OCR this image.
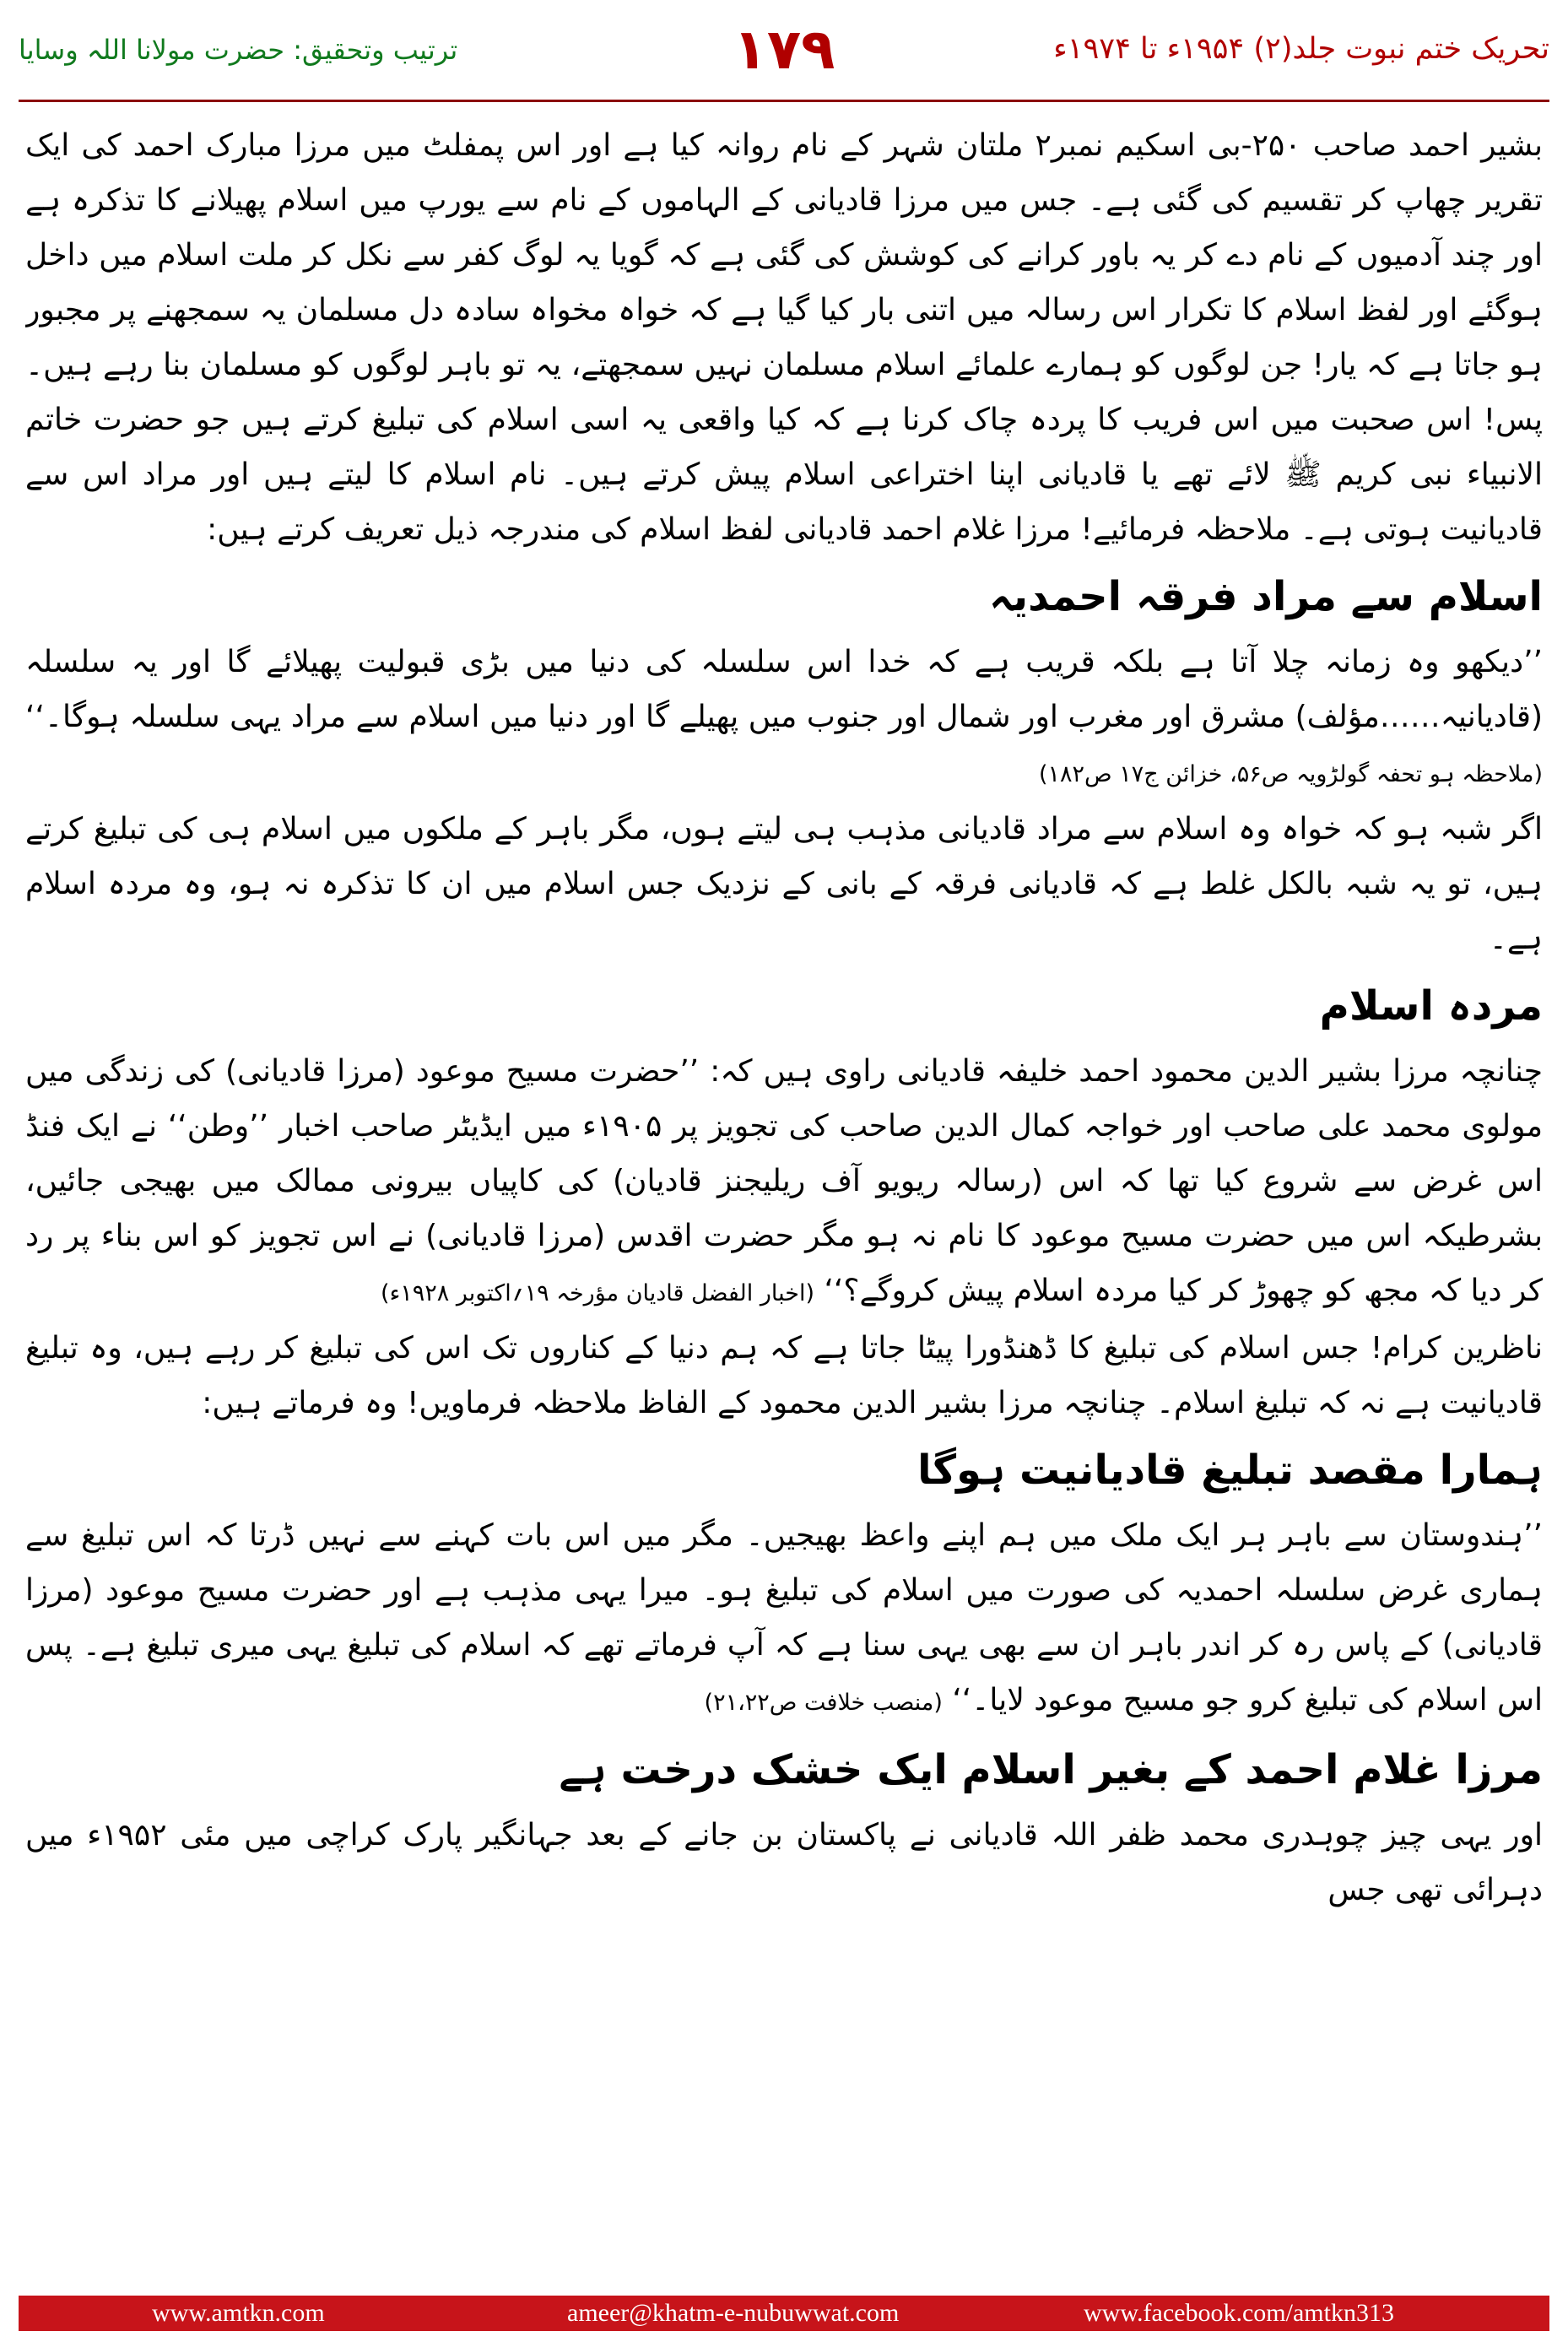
تحریک ختم نبوت جلد(۲) ۱۹۵۴ء تا ۱۹۷۴ء
۱۷۹
ترتیب وتحقیق: حضرت مولانا اللہ وسایا

بشیر احمد صاحب ۲۵۰-بی اسکیم نمبر۲ ملتان شہر کے نام روانہ کیا ہے اور اس پمفلٹ میں مرزا مبارک احمد کی ایک تقریر چھاپ کر تقسیم کی گئی ہے۔ جس میں مرزا قادیانی کے الہاموں کے نام سے یورپ میں اسلام پھیلانے کا تذکرہ ہے اور چند آدمیوں کے نام دے کر یہ باور کرانے کی کوشش کی گئی ہے کہ گویا یہ لوگ کفر سے نکل کر ملت اسلام میں داخل ہوگئے اور لفظ اسلام کا تکرار اس رسالہ میں اتنی بار کیا گیا ہے کہ خواہ مخواہ سادہ دل مسلمان یہ سمجھنے پر مجبور ہو جاتا ہے کہ یار! جن لوگوں کو ہمارے علمائے اسلام مسلمان نہیں سمجھتے، یہ تو باہر لوگوں کو مسلمان بنا رہے ہیں۔ پس! اس صحبت میں اس فریب کا پردہ چاک کرنا ہے کہ کیا واقعی یہ اسی اسلام کی تبلیغ کرتے ہیں جو حضرت خاتم الانبیاء نبی کریم ﷺ لائے تھے یا قادیانی اپنا اختراعی اسلام پیش کرتے ہیں۔ نام اسلام کا لیتے ہیں اور مراد اس سے قادیانیت ہوتی ہے۔ ملاحظہ فرمائیے! مرزا غلام احمد قادیانی لفظ اسلام کی مندرجہ ذیل تعریف کرتے ہیں:

اسلام سے مراد فرقہ احمدیہ

’’دیکھو وہ زمانہ چلا آتا ہے بلکہ قریب ہے کہ خدا اس سلسلہ کی دنیا میں بڑی قبولیت پھیلائے گا اور یہ سلسلہ (قادیانیہ……مؤلف) مشرق اور مغرب اور شمال اور جنوب میں پھیلے گا اور دنیا میں اسلام سے مراد یہی سلسلہ ہوگا۔‘‘ (ملاحظہ ہو تحفہ گولڑویہ ص۵۶، خزائن ج۱۷ ص۱۸۲)

اگر شبہ ہو کہ خواہ وہ اسلام سے مراد قادیانی مذہب ہی لیتے ہوں، مگر باہر کے ملکوں میں اسلام ہی کی تبلیغ کرتے ہیں، تو یہ شبہ بالکل غلط ہے کہ قادیانی فرقہ کے بانی کے نزدیک جس اسلام میں ان کا تذکرہ نہ ہو، وہ مردہ اسلام ہے۔

مردہ اسلام

چنانچہ مرزا بشیر الدین محمود احمد خلیفہ قادیانی راوی ہیں کہ: ’’حضرت مسیح موعود (مرزا قادیانی) کی زندگی میں مولوی محمد علی صاحب اور خواجہ کمال الدین صاحب کی تجویز پر ۱۹۰۵ء میں ایڈیٹر صاحب اخبار ’’وطن‘‘ نے ایک فنڈ اس غرض سے شروع کیا تھا کہ اس (رسالہ ریویو آف ریلیجنز قادیان) کی کاپیاں بیرونی ممالک میں بھیجی جائیں، بشرطیکہ اس میں حضرت مسیح موعود کا نام نہ ہو مگر حضرت اقدس (مرزا قادیانی) نے اس تجویز کو اس بناء پر رد کر دیا کہ مجھ کو چھوڑ کر کیا مردہ اسلام پیش کروگے؟‘‘ (اخبار الفضل قادیان مؤرخہ ۱۹؍اکتوبر ۱۹۲۸ء)

ناظرین کرام! جس اسلام کی تبلیغ کا ڈھنڈورا پیٹا جاتا ہے کہ ہم دنیا کے کناروں تک اس کی تبلیغ کر رہے ہیں، وہ تبلیغ قادیانیت ہے نہ کہ تبلیغ اسلام۔ چنانچہ مرزا بشیر الدین محمود کے الفاظ ملاحظہ فرماویں! وہ فرماتے ہیں:

ہمارا مقصد تبلیغ قادیانیت ہوگا

’’ہندوستان سے باہر ہر ایک ملک میں ہم اپنے واعظ بھیجیں۔ مگر میں اس بات کہنے سے نہیں ڈرتا کہ اس تبلیغ سے ہماری غرض سلسلہ احمدیہ کی صورت میں اسلام کی تبلیغ ہو۔ میرا یہی مذہب ہے اور حضرت مسیح موعود (مرزا قادیانی) کے پاس رہ کر اندر باہر ان سے بھی یہی سنا ہے کہ آپ فرماتے تھے کہ اسلام کی تبلیغ یہی میری تبلیغ ہے۔ پس اس اسلام کی تبلیغ کرو جو مسیح موعود لایا۔‘‘ (منصب خلافت ص۲۱،۲۲)

مرزا غلام احمد کے بغیر اسلام ایک خشک درخت ہے

اور یہی چیز چوہدری محمد ظفر اللہ قادیانی نے پاکستان بن جانے کے بعد جہانگیر پارک کراچی میں مئی ۱۹۵۲ء میں دہرائی تھی جس

www.amtkn.com	ameer@khatm-e-nubuwwat.com	www.facebook.com/amtkn313
